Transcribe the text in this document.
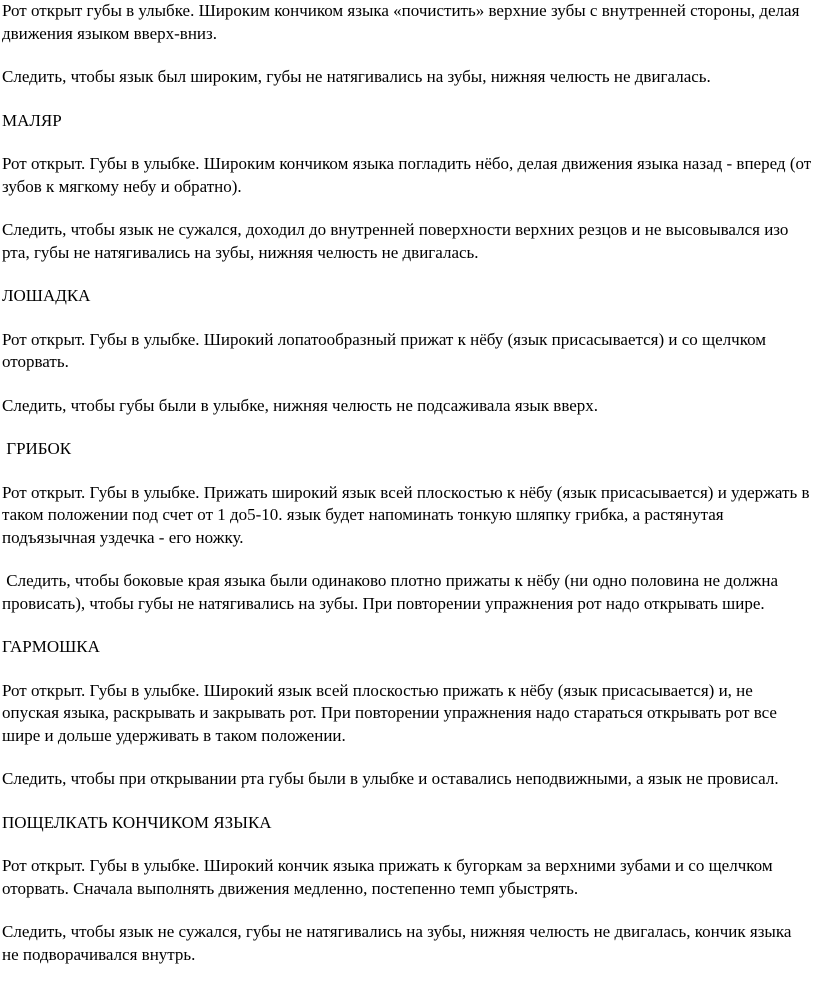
Рот открыт губы в улыбке. Широким кончиком языка «почистить» верхние зубы с внутренней стороны, делая движения языком вверх-вниз.

Следить, чтобы язык был широким, губы не натягивались на зубы, нижняя челюсть не двигалась.

МАЛЯР

Рот открыт. Губы в улыбке. Широким кончиком языка погладить нёбо, делая движения языка назад - вперед (от зубов к мягкому небу и обратно).

Следить, чтобы язык не сужался, доходил до внутренней поверхности верхних резцов и не высовывался изо рта, губы не натягивались на зубы, нижняя челюсть не двигалась.

ЛОШАДКА

Рот открыт. Губы в улыбке. Широкий лопатообразный прижат к нёбу (язык присасывается) и со щелчком оторвать.

Следить, чтобы губы были в улыбке, нижняя челюсть не подсаживала язык вверх.

ГРИБОК

Рот открыт. Губы в улыбке. Прижать широкий язык всей плоскостью к нёбу (язык присасывается) и удержать в таком положении под счет от 1 до5-10. язык будет напоминать тонкую шляпку грибка, а растянутая подъязычная уздечка - его ножку.

Следить, чтобы боковые края языка были одинаково плотно прижаты к нёбу (ни одно половина не должна провисать), чтобы губы не натягивались на зубы. При повторении упражнения рот надо открывать шире.

ГАРМОШКА

Рот открыт. Губы в улыбке. Широкий язык всей плоскостью прижать к нёбу (язык присасывается) и, не опуская языка, раскрывать и закрывать рот. При повторении упражнения надо стараться открывать рот все шире и дольше удерживать в таком положении.

Следить, чтобы при открывании рта губы были в улыбке и оставались неподвижными, а язык не провисал.

ПОЩЕЛКАТЬ КОНЧИКОМ ЯЗЫКА

Рот открыт. Губы в улыбке. Широкий кончик языка прижать к бугоркам за верхними зубами и со щелчком оторвать. Сначала выполнять движения медленно, постепенно темп убыстрять.

Следить, чтобы язык не сужался, губы не натягивались на зубы, нижняя челюсть не двигалась, кончик языка не подворачивался внутрь.
